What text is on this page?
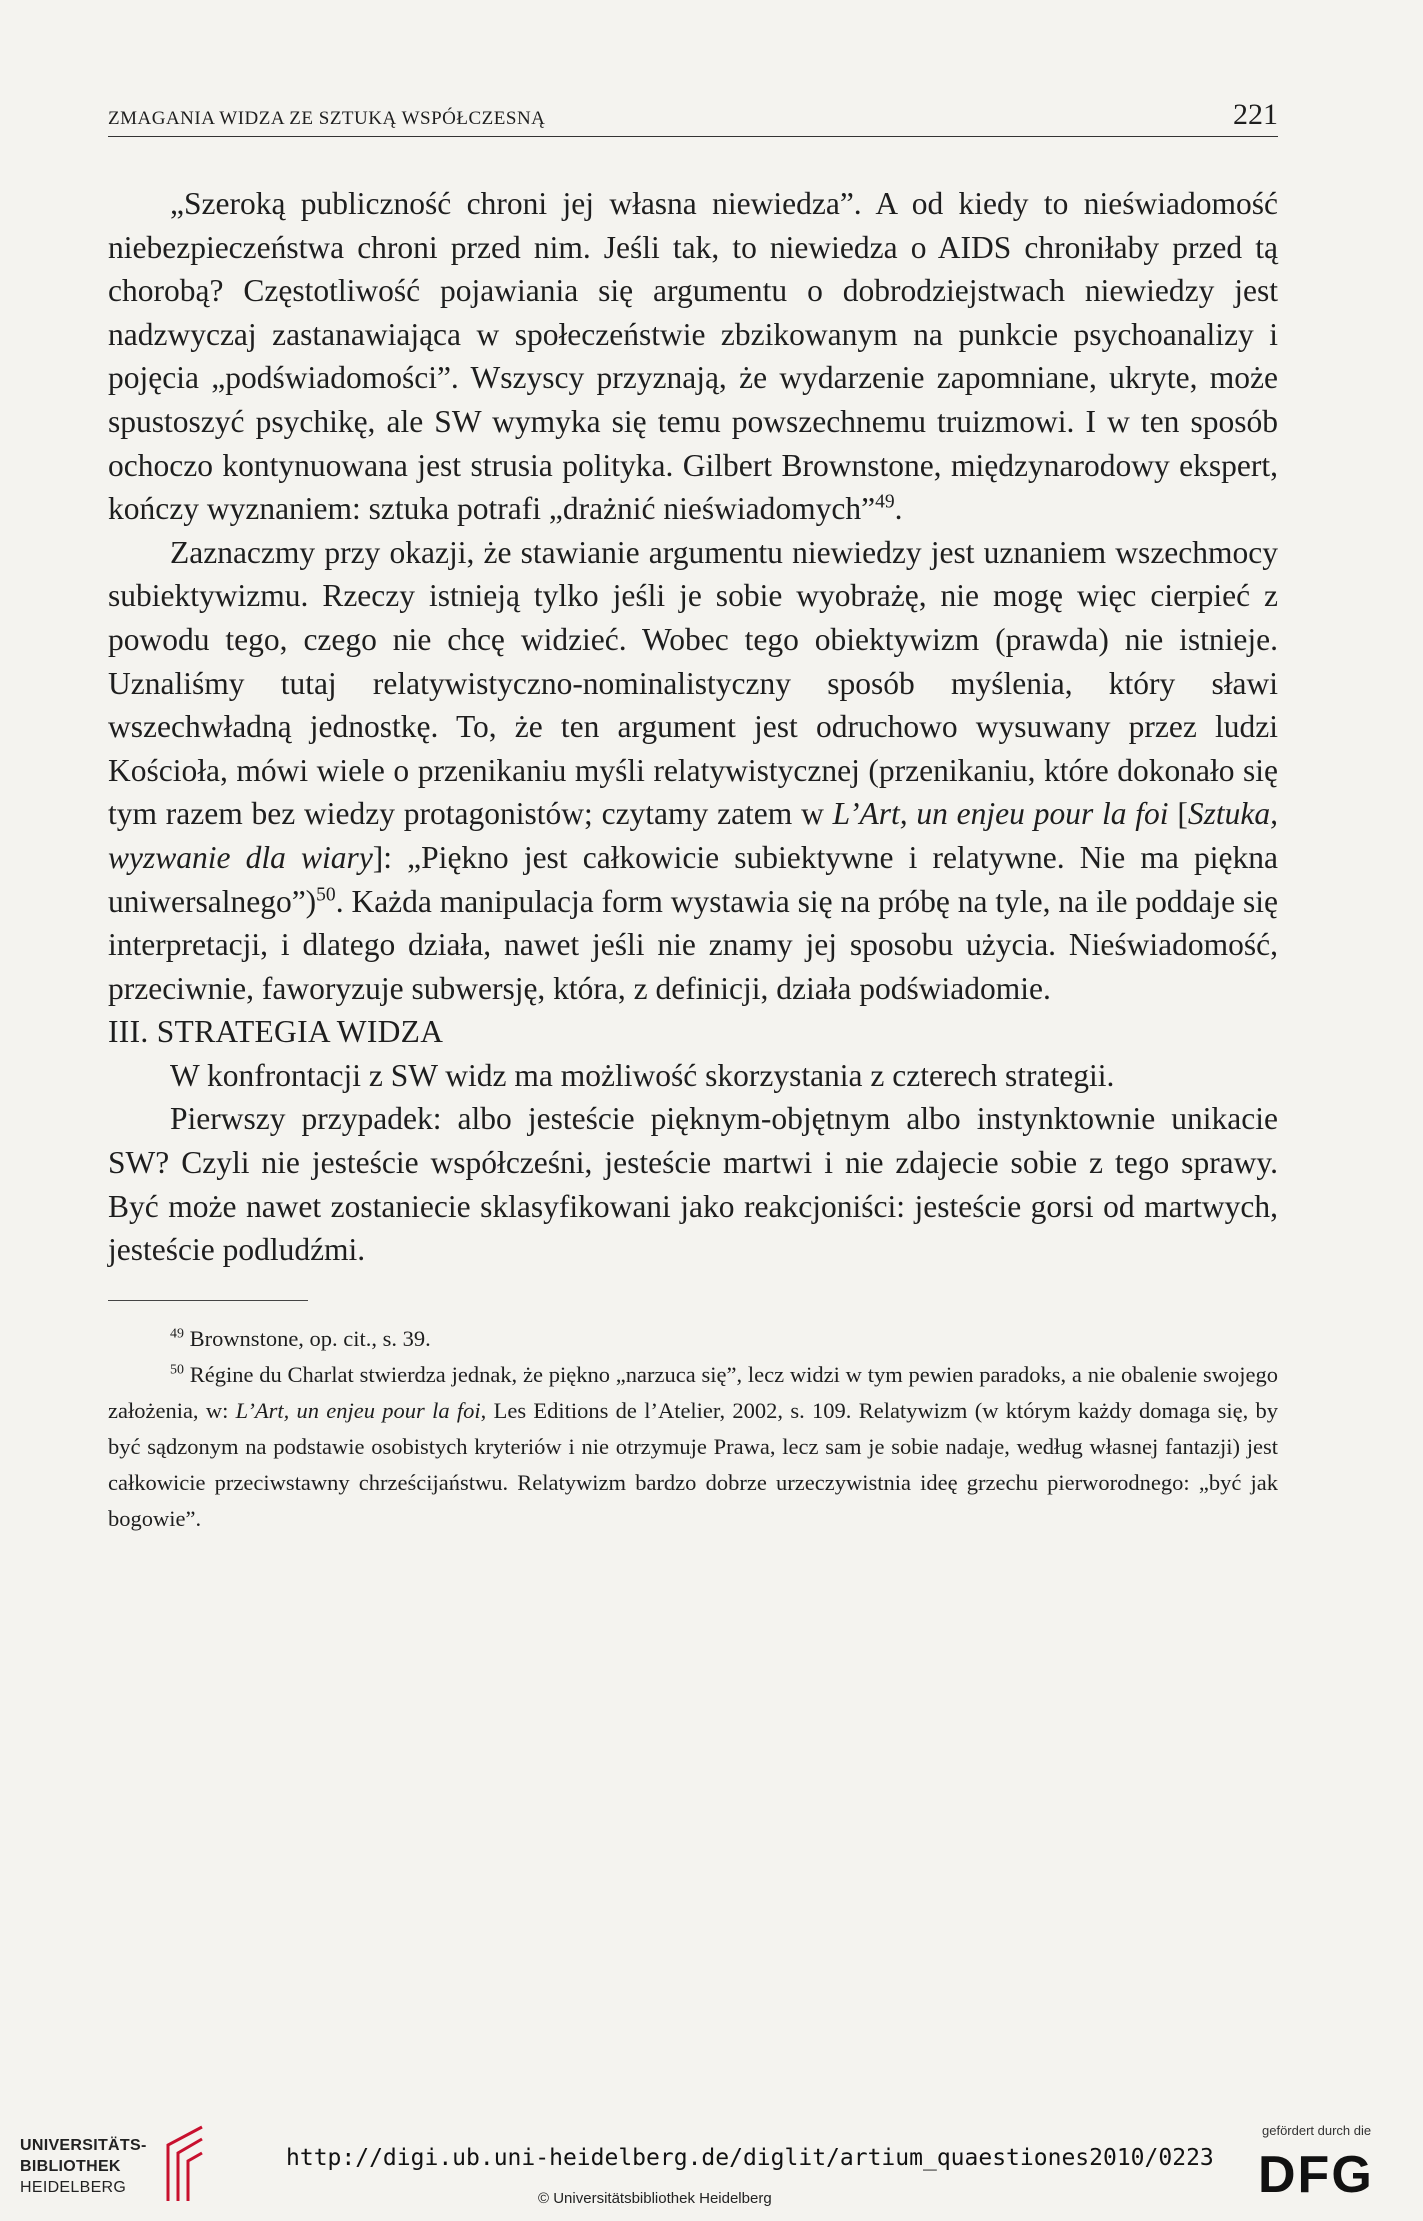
ZMAGANIA WIDZA ZE SZTUKĄ WSPÓŁCZESNĄ	221

„Szeroką publiczność chroni jej własna niewiedza”. A od kiedy to nieświadomość niebezpieczeństwa chroni przed nim. Jeśli tak, to niewiedza o AIDS chroniłaby przed tą chorobą? Częstotliwość pojawiania się argumentu o dobrodziejstwach niewiedzy jest nadzwyczaj zastanawiająca w społeczeństwie zbzikowanym na punkcie psychoanalizy i pojęcia „podświadomości”. Wszyscy przyznają, że wydarzenie zapomniane, ukryte, może spustoszyć psychikę, ale SW wymyka się temu powszechnemu truizmowi. I w ten sposób ochoczo kontynuowana jest strusia polityka. Gilbert Brownstone, międzynarodowy ekspert, kończy wyznaniem: sztuka potrafi „drażnić nieświadomych”$^{49}$.

Zaznaczmy przy okazji, że stawianie argumentu niewiedzy jest uznaniem wszechmocy subiektywizmu. Rzeczy istnieją tylko jeśli je sobie wyobrażę, nie mogę więc cierpieć z powodu tego, czego nie chcę widzieć. Wobec tego obiektywizm (prawda) nie istnieje. Uznaliśmy tutaj relatywistyczno-nominalistyczny sposób myślenia, który sławi wszechwładną jednostkę. To, że ten argument jest odruchowo wysuwany przez ludzi Kościoła, mówi wiele o przenikaniu myśli relatywistycznej (przenikaniu, które dokonało się tym razem bez wiedzy protagonistów; czytamy zatem w L’Art, un enjeu pour la foi [Sztuka, wyzwanie dla wiary]: „Piękno jest całkowicie subiektywne i relatywne. Nie ma piękna uniwersalnego”)$^{50}$. Każda manipulacja form wystawia się na próbę na tyle, na ile poddaje się interpretacji, i dlatego działa, nawet jeśli nie znamy jej sposobu użycia. Nieświadomość, przeciwnie, faworyzuje subwersję, która, z definicji, działa podświadomie.

III. STRATEGIA WIDZA

W konfrontacji z SW widz ma możliwość skorzystania z czterech strategii.

Pierwszy przypadek: albo jesteście pięknym-objętnym albo instynktownie unikacie SW? Czyli nie jesteście współcześni, jesteście martwi i nie zdajecie sobie z tego sprawy. Być może nawet zostaniecie sklasyfikowani jako reakcjoniści: jesteście gorsi od martwych, jesteście podludźmi.

$^{49}$ Brownstone, op. cit., s. 39.

$^{50}$ Régine du Charlat stwierdza jednak, że piękno „narzuca się”, lecz widzi w tym pewien paradoks, a nie obalenie swojego założenia, w: L’Art, un enjeu pour la foi, Les Editions de l’Atelier, 2002, s. 109. Relatywizm (w którym każdy domaga się, by być sądzonym na podstawie osobistych kryteriów i nie otrzymuje Prawa, lecz sam je sobie nadaje, według własnej fantazji) jest całkowicie przeciwstawny chrześcijaństwu. Relatywizm bardzo dobrze urzeczywistnia ideę grzechu pierworodnego: „być jak bogowie”.

UNIVERSITÄTS-
BIBLIOTHEK
HEIDELBERG
http://digi.ub.uni-heidelberg.de/diglit/artium_quaestiones2010/0223
© Universitätsbibliothek Heidelberg
gefördert durch die
DFG
